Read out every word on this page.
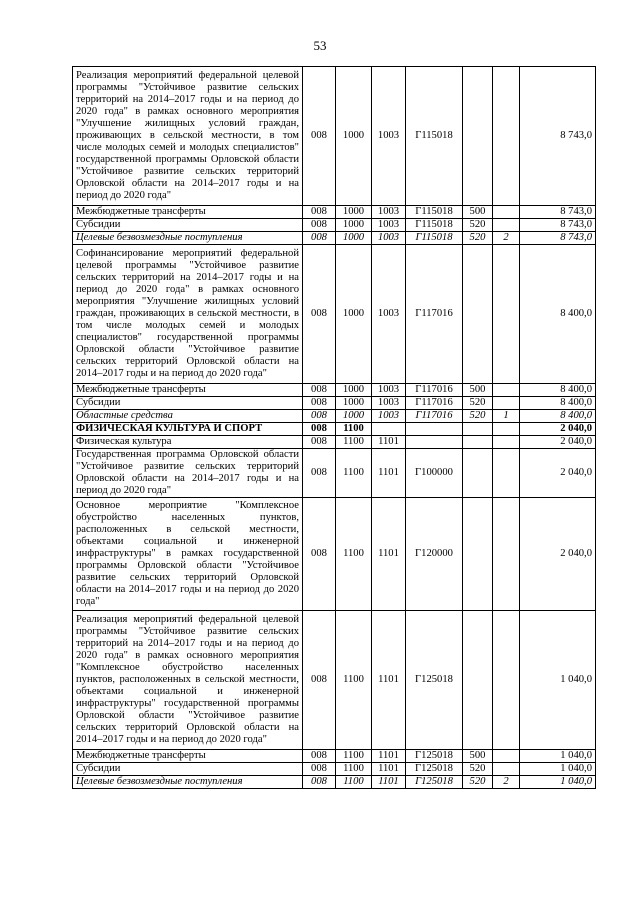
53
Реализация мероприятий федеральной целевой программы "Устойчивое развитие сельских территорий на 2014–2017 годы и на период до 2020 года" в рамках основного мероприятия "Улучшение жилищных условий граждан, проживающих в сельской местности, в том числе молодых семей и молодых специалистов" государственной программы Орловской области "Устойчивое развитие сельских территорий Орловской области на 2014–2017 годы и на период до 2020 года"	008	1000	1003	Г115018			8 743,0
Межбюджетные трансферты	008	1000	1003	Г115018	500		8 743,0
Субсидии	008	1000	1003	Г115018	520		8 743,0
Целевые безвозмездные поступления	008	1000	1003	Г115018	520	2	8 743,0
Софинансирование мероприятий федеральной целевой программы "Устойчивое развитие сельских территорий на 2014–2017 годы и на период до 2020 года" в рамках основного мероприятия "Улучшение жилищных условий граждан, проживающих в сельской местности, в том числе молодых семей и молодых специалистов" государственной программы Орловской области "Устойчивое развитие сельских территорий Орловской области на 2014–2017 годы и на период до 2020 года"	008	1000	1003	Г117016			8 400,0
Межбюджетные трансферты	008	1000	1003	Г117016	500		8 400,0
Субсидии	008	1000	1003	Г117016	520		8 400,0
Областные средства	008	1000	1003	Г117016	520	1	8 400,0
ФИЗИЧЕСКАЯ КУЛЬТУРА И СПОРТ	008	1100					2 040,0
Физическая культура	008	1100	1101				2 040,0
Государственная программа Орловской области "Устойчивое развитие сельских территорий Орловской области на 2014–2017 годы и на период до 2020 года"	008	1100	1101	Г100000			2 040,0
Основное мероприятие "Комплексное обустройство населенных пунктов, расположенных в сельской местности, объектами социальной и инженерной инфраструктуры" в рамках государственной программы Орловской области "Устойчивое развитие сельских территорий Орловской области на 2014–2017 годы и на период до 2020 года"	008	1100	1101	Г120000			2 040,0
Реализация мероприятий федеральной целевой программы "Устойчивое развитие сельских территорий на 2014–2017 годы и на период до 2020 года" в рамках основного мероприятия "Комплексное обустройство населенных пунктов, расположенных в сельской местности, объектами социальной и инженерной инфраструктуры" государственной программы Орловской области "Устойчивое развитие сельских территорий Орловской области на 2014–2017 годы и на период до 2020 года"	008	1100	1101	Г125018			1 040,0
Межбюджетные трансферты	008	1100	1101	Г125018	500		1 040,0
Субсидии	008	1100	1101	Г125018	520		1 040,0
Целевые безвозмездные поступления	008	1100	1101	Г125018	520	2	1 040,0
